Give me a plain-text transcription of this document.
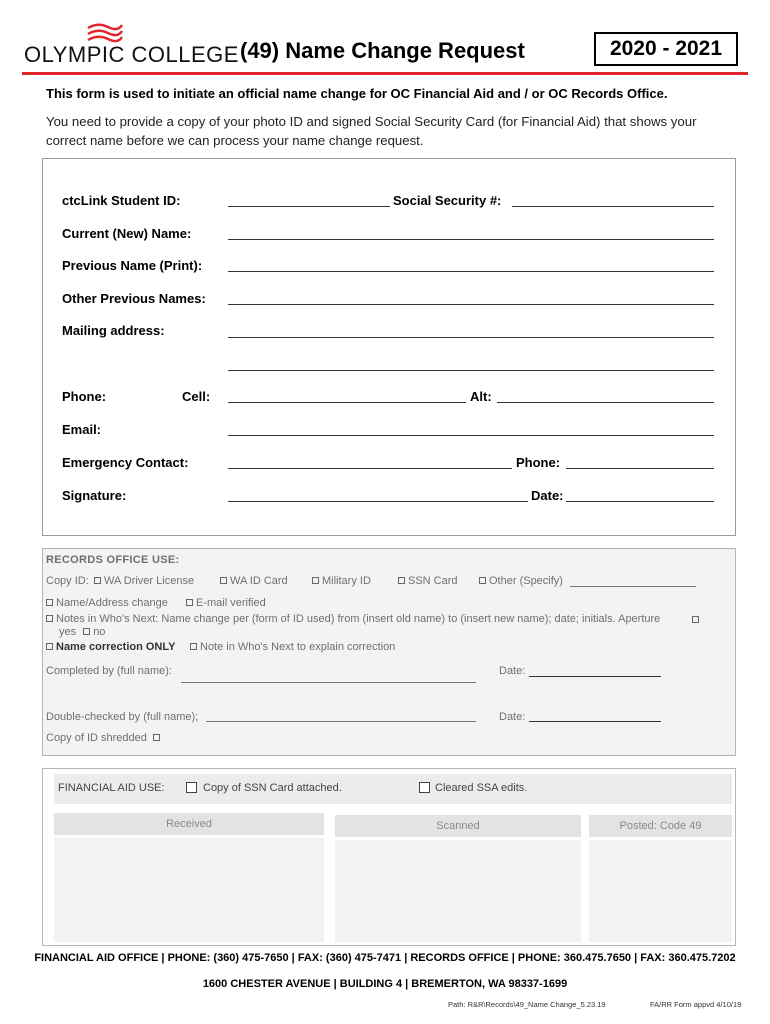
OLYMPIC COLLEGE (49) Name Change Request	2020 - 2021
This form is used to initiate an official name change for OC Financial Aid and / or OC Records Office.
You need to provide a copy of your photo ID and signed Social Security Card (for Financial Aid) that shows your correct name before we can process your name change request.
ctcLink Student ID:	Social Security #:
Current (New) Name:
Previous Name (Print):
Other Previous Names:
Mailing address:
Phone:	Cell:	Alt:
Email:
Emergency Contact:	Phone:
Signature:	Date:
RECORDS OFFICE USE:
Copy ID:	WA Driver License	WA ID Card	Military ID	SSN Card	Other (Specify)
Name/Address change	E-mail verified
Notes in Who's Next: Name change per (form of ID used) from (insert old name) to (insert new name); date; initials. Aperture
yes no
Name correction ONLY	Note in Who's Next to explain correction
Completed by (full name):	Date:
Double-checked by (full name);	Date:
Copy of ID shredded
FINANCIAL AID USE:	Copy of SSN Card attached.	Cleared SSA edits.
Received	Scanned	Posted: Code 49
FINANCIAL AID OFFICE | PHONE: (360) 475-7650 | FAX: (360) 475-7471 | RECORDS OFFICE | PHONE: 360.475.7650 | FAX: 360.475.7202
1600 CHESTER AVENUE | BUILDING 4 | BREMERTON, WA 98337-1699
Path: R&R\Records\49_Name Change_5.23.19	FA/RR Form appvd 4/10/19
